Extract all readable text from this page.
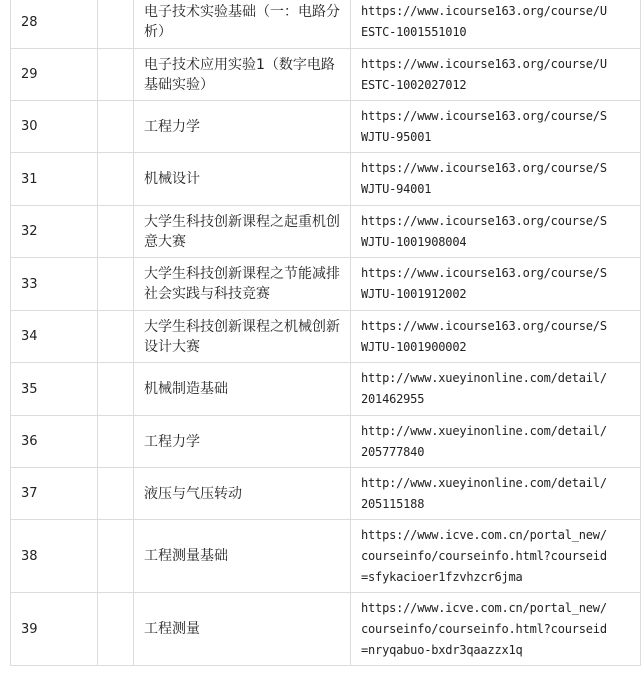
28		电子技术实验基础（一：电路分析）	https://www.icourse163.org/course/U
ESTC-1001551010

29		电子技术应用实验1（数字电路基础实验）	https://www.icourse163.org/course/U
ESTC-1002027012

30		工程力学	https://www.icourse163.org/course/S
WJTU-95001

31		机械设计	https://www.icourse163.org/course/S
WJTU-94001

32		大学生科技创新课程之起重机创意大赛	https://www.icourse163.org/course/S
WJTU-1001908004

33		大学生科技创新课程之节能减排社会实践与科技竞赛	https://www.icourse163.org/course/S
WJTU-1001912002

34		大学生科技创新课程之机械创新设计大赛	https://www.icourse163.org/course/S
WJTU-1001900002

35		机械制造基础	http://www.xueyinonline.com/detail/
201462955

36		工程力学	http://www.xueyinonline.com/detail/
205777840

37		液压与气压转动	http://www.xueyinonline.com/detail/
205115188

38		工程测量基础	https://www.icve.com.cn/portal_new/
courseinfo/courseinfo.html?courseid
=sfykacioer1fzvhzcr6jma

39		工程测量	https://www.icve.com.cn/portal_new/
courseinfo/courseinfo.html?courseid
=nryqabuo-bxdr3qaazzx1q
